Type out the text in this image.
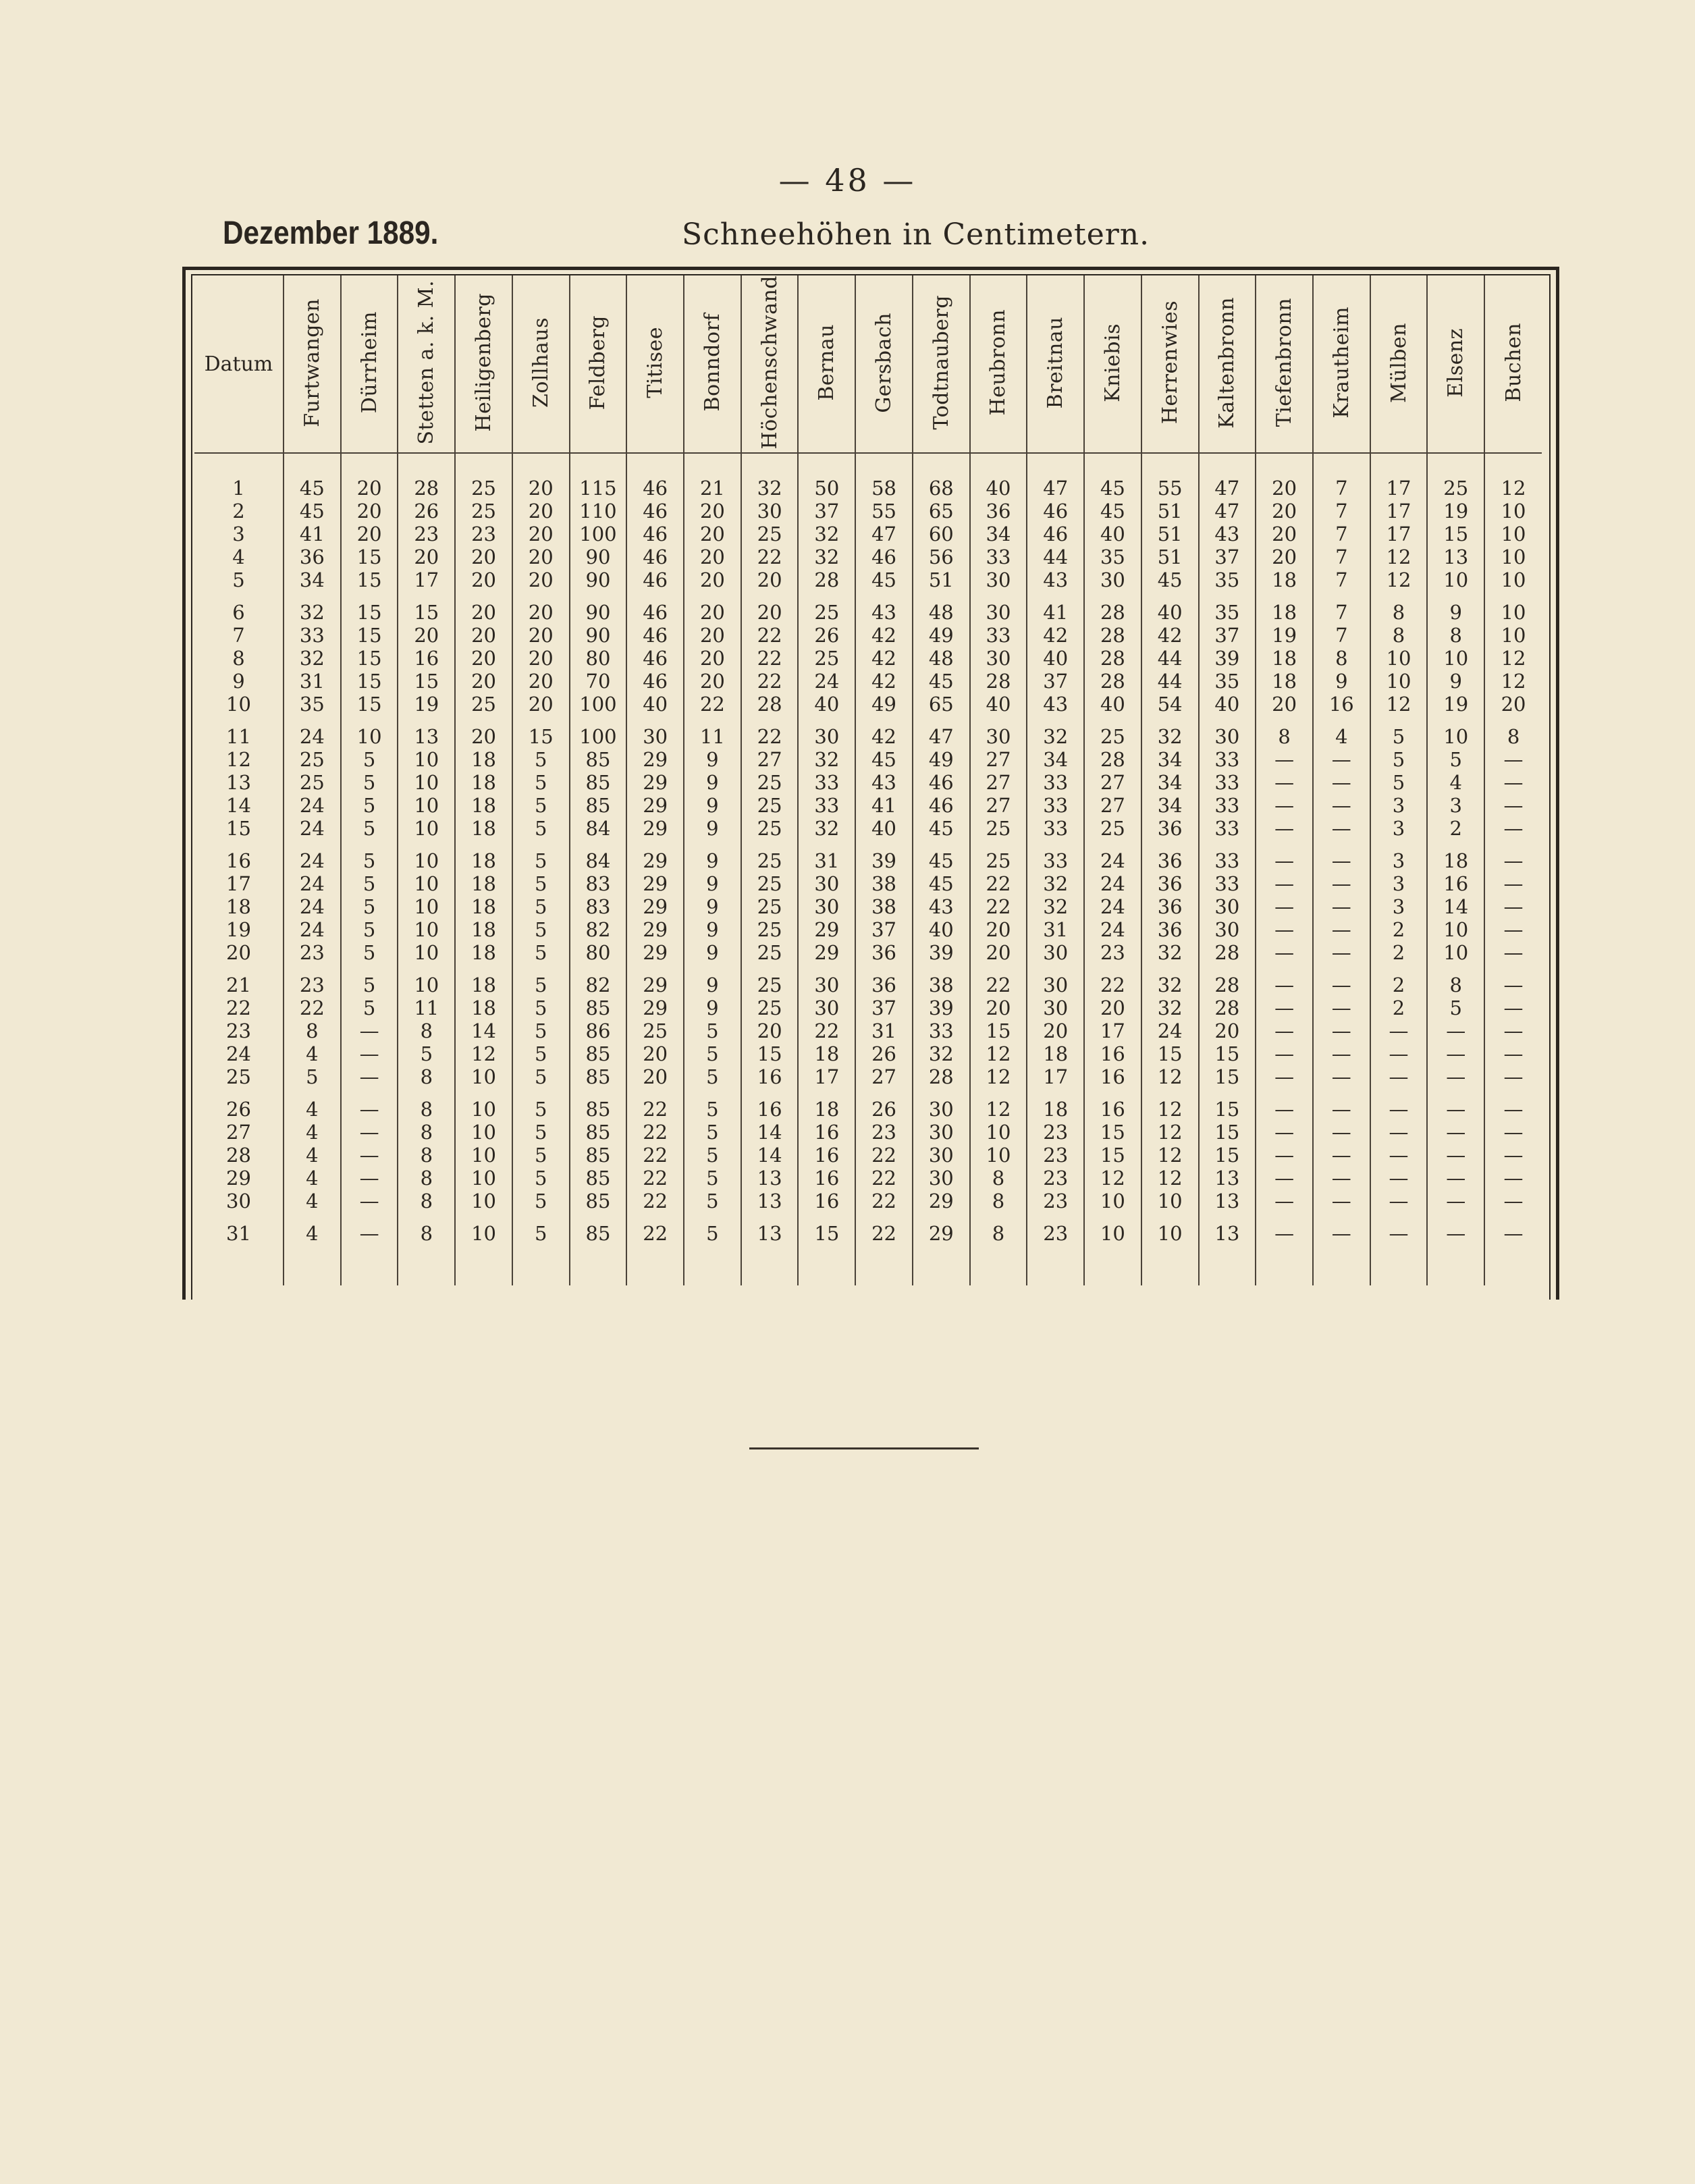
— 48 —
Dezember 1889.	Schneehöhen in Centimetern.
Datum	Furtwangen	Dürrheim	Stetten a. k. M.	Heiligenberg	Zollhaus	Feldberg	Titisee	Bonndorf	Höchenschwand	Bernau	Gersbach	Todtnauberg	Heubronn	Breitnau	Kniebis	Herrenwies	Kaltenbronn	Tiefenbronn	Krautheim	Mülben	Elsenz	Buchen
1	45	20	28	25	20	115	46	21	32	50	58	68	40	47	45	55	47	20	7	17	25	12
2	45	20	26	25	20	110	46	20	30	37	55	65	36	46	45	51	47	20	7	17	19	10
3	41	20	23	23	20	100	46	20	25	32	47	60	34	46	40	51	43	20	7	17	15	10
4	36	15	20	20	20	90	46	20	22	32	46	56	33	44	35	51	37	20	7	12	13	10
5	34	15	17	20	20	90	46	20	20	28	45	51	30	43	30	45	35	18	7	12	10	10
6	32	15	15	20	20	90	46	20	20	25	43	48	30	41	28	40	35	18	7	8	9	10
7	33	15	20	20	20	90	46	20	22	26	42	49	33	42	28	42	37	19	7	8	8	10
8	32	15	16	20	20	80	46	20	22	25	42	48	30	40	28	44	39	18	8	10	10	12
9	31	15	15	20	20	70	46	20	22	24	42	45	28	37	28	44	35	18	9	10	9	12
10	35	15	19	25	20	100	40	22	28	40	49	65	40	43	40	54	40	20	16	12	19	20
11	24	10	13	20	15	100	30	11	22	30	42	47	30	32	25	32	30	8	4	5	10	8
12	25	5	10	18	5	85	29	9	27	32	45	49	27	34	28	34	33	—	—	5	5	—
13	25	5	10	18	5	85	29	9	25	33	43	46	27	33	27	34	33	—	—	5	4	—
14	24	5	10	18	5	85	29	9	25	33	41	46	27	33	27	34	33	—	—	3	3	—
15	24	5	10	18	5	84	29	9	25	32	40	45	25	33	25	36	33	—	—	3	2	—
16	24	5	10	18	5	84	29	9	25	31	39	45	25	33	24	36	33	—	—	3	18	—
17	24	5	10	18	5	83	29	9	25	30	38	45	22	32	24	36	33	—	—	3	16	—
18	24	5	10	18	5	83	29	9	25	30	38	43	22	32	24	36	30	—	—	3	14	—
19	24	5	10	18	5	82	29	9	25	29	37	40	20	31	24	36	30	—	—	2	10	—
20	23	5	10	18	5	80	29	9	25	29	36	39	20	30	23	32	28	—	—	2	10	—
21	23	5	10	18	5	82	29	9	25	30	36	38	22	30	22	32	28	—	—	2	8	—
22	22	5	11	18	5	85	29	9	25	30	37	39	20	30	20	32	28	—	—	2	5	—
23	8	—	8	14	5	86	25	5	20	22	31	33	15	20	17	24	20	—	—	—	—	—
24	4	—	5	12	5	85	20	5	15	18	26	32	12	18	16	15	15	—	—	—	—	—
25	5	—	8	10	5	85	20	5	16	17	27	28	12	17	16	12	15	—	—	—	—	—
26	4	—	8	10	5	85	22	5	16	18	26	30	12	18	16	12	15	—	—	—	—	—
27	4	—	8	10	5	85	22	5	14	16	23	30	10	23	15	12	15	—	—	—	—	—
28	4	—	8	10	5	85	22	5	14	16	22	30	10	23	15	12	15	—	—	—	—	—
29	4	—	8	10	5	85	22	5	13	16	22	30	8	23	12	12	13	—	—	—	—	—
30	4	—	8	10	5	85	22	5	13	16	22	29	8	23	10	10	13	—	—	—	—	—
31	4	—	8	10	5	85	22	5	13	15	22	29	8	23	10	10	13	—	—	—	—	—
